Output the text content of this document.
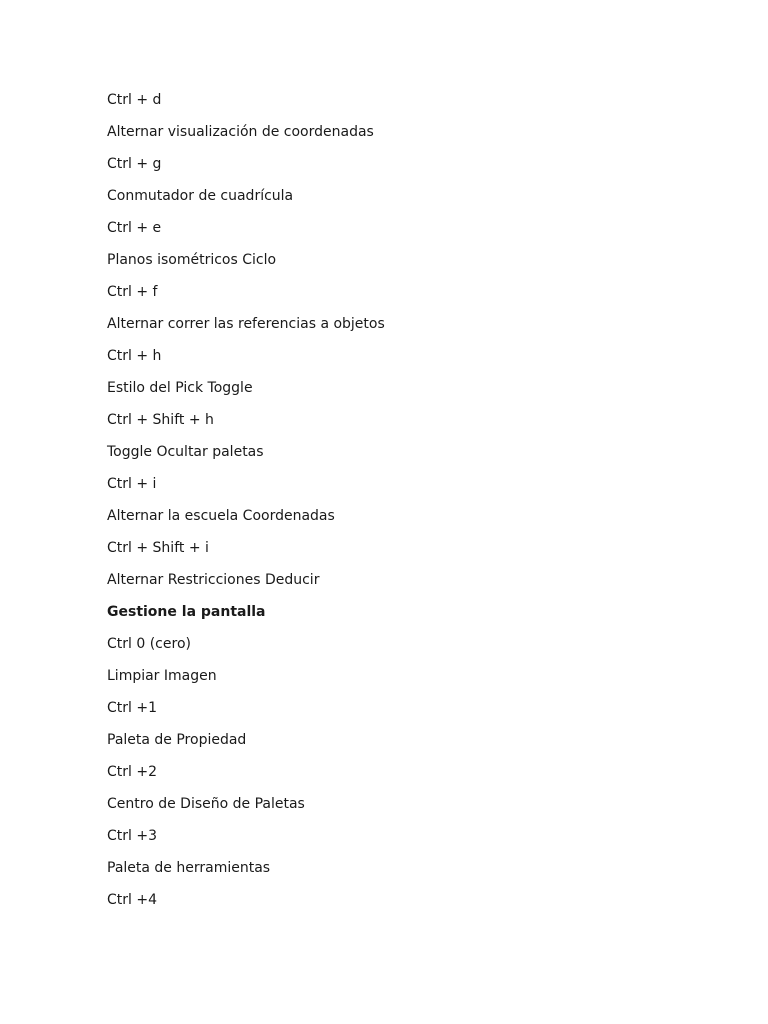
Ctrl + d
Alternar visualización de coordenadas
Ctrl + g
Conmutador de cuadrícula
Ctrl + e
Planos isométricos Ciclo
Ctrl + f
Alternar correr las referencias a objetos
Ctrl + h
Estilo del Pick Toggle
Ctrl + Shift + h
Toggle Ocultar paletas
Ctrl + i
Alternar la escuela Coordenadas
Ctrl + Shift + i
Alternar Restricciones Deducir
Gestione la pantalla
Ctrl 0 (cero)
Limpiar Imagen
Ctrl +1
Paleta de Propiedad
Ctrl +2
Centro de Diseño de Paletas
Ctrl +3
Paleta de herramientas
Ctrl +4
